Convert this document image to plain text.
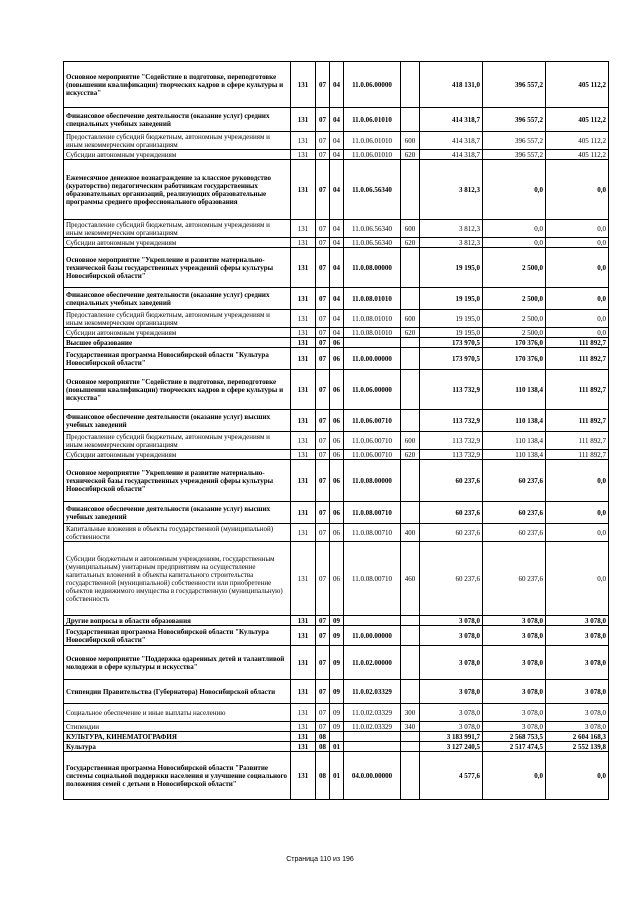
Основное мероприятие "Содействие в подготовке, переподготовке (повышении квалификации) творческих кадров в сфере культуры и искусства"	131	07	04	11.0.06.00000		418 131,0	396 557,2	405 112,2
Финансовое обеспечение деятельности (оказание услуг) средних специальных учебных заведений	131	07	04	11.0.06.01010		414 318,7	396 557,2	405 112,2
Предоставление субсидий бюджетным, автономным учреждениям и иным некоммерческим организациям	131	07	04	11.0.06.01010	600	414 318,7	396 557,2	405 112,2
Субсидии автономным учреждениям	131	07	04	11.0.06.01010	620	414 318,7	396 557,2	405 112,2
Ежемесячное денежное вознаграждение за классное руководство (кураторство) педагогическим работникам государственных образовательных организаций, реализующих образовательные программы среднего профессионального образования	131	07	04	11.0.06.56340		3 812,3	0,0	0,0
Предоставление субсидий бюджетным, автономным учреждениям и иным некоммерческим организациям	131	07	04	11.0.06.56340	600	3 812,3	0,0	0,0
Субсидии автономным учреждениям	131	07	04	11.0.06.56340	620	3 812,3	0,0	0,0
Основное мероприятие "Укрепление и развитие материально-технической базы государственных учреждений сферы культуры Новосибирской области"	131	07	04	11.0.08.00000		19 195,0	2 500,0	0,0
Финансовое обеспечение деятельности (оказание услуг) средних специальных учебных заведений	131	07	04	11.0.08.01010		19 195,0	2 500,0	0,0
Предоставление субсидий бюджетным, автономным учреждениям и иным некоммерческим организациям	131	07	04	11.0.08.01010	600	19 195,0	2 500,0	0,0
Субсидии автономным учреждениям	131	07	04	11.0.08.01010	620	19 195,0	2 500,0	0,0
Высшее образование	131	07	06			173 970,5	170 376,0	111 892,7
Государственная программа Новосибирской области "Культура Новосибирской области"	131	07	06	11.0.00.00000		173 970,5	170 376,0	111 892,7
Основное мероприятие "Содействие в подготовке, переподготовке (повышении квалификации) творческих кадров в сфере культуры и искусства"	131	07	06	11.0.06.00000		113 732,9	110 138,4	111 892,7
Финансовое обеспечение деятельности (оказание услуг) высших учебных заведений	131	07	06	11.0.06.00710		113 732,9	110 138,4	111 892,7
Предоставление субсидий бюджетным, автономным учреждениям и иным некоммерческим организациям	131	07	06	11.0.06.00710	600	113 732,9	110 138,4	111 892,7
Субсидии автономным учреждениям	131	07	06	11.0.06.00710	620	113 732,9	110 138,4	111 892,7
Основное мероприятие "Укрепление и развитие материально-технической базы государственных учреждений сферы культуры Новосибирской области"	131	07	06	11.0.08.00000		60 237,6	60 237,6	0,0
Финансовое обеспечение деятельности (оказание услуг) высших учебных заведений	131	07	06	11.0.08.00710		60 237,6	60 237,6	0,0
Капитальные вложения в объекты государственной (муниципальной) собственности	131	07	06	11.0.08.00710	400	60 237,6	60 237,6	0,0
Субсидии бюджетным и автономным учреждениям, государственным (муниципальным) унитарным предприятиям на осуществление капитальных вложений в объекты капитального строительства государственной (муниципальной) собственности или приобретение объектов недвижимого имущества в государственную (муниципальную) собственность	131	07	06	11.0.08.00710	460	60 237,6	60 237,6	0,0
Другие вопросы в области образования	131	07	09			3 078,0	3 078,0	3 078,0
Государственная программа Новосибирской области "Культура Новосибирской области"	131	07	09	11.0.00.00000		3 078,0	3 078,0	3 078,0
Основное мероприятие "Поддержка одаренных детей и талантливой молодежи в сфере культуры и искусства"	131	07	09	11.0.02.00000		3 078,0	3 078,0	3 078,0
Стипендии Правительства (Губернатора) Новосибирской области	131	07	09	11.0.02.03329		3 078,0	3 078,0	3 078,0
Социальное обеспечение и иные выплаты населению	131	07	09	11.0.02.03329	300	3 078,0	3 078,0	3 078,0
Стипендии	131	07	09	11.0.02.03329	340	3 078,0	3 078,0	3 078,0
КУЛЬТУРА, КИНЕМАТОГРАФИЯ	131	08				3 183 991,7	2 568 753,5	2 604 168,3
Культура	131	08	01			3 127 240,5	2 517 474,5	2 552 139,8
Государственная программа Новосибирской области "Развитие системы социальной поддержки населения и улучшение социального положения семей с детьми в Новосибирской области"	131	08	01	04.0.00.00000		4 577,6	0,0	0,0
Страница 110 из 196
